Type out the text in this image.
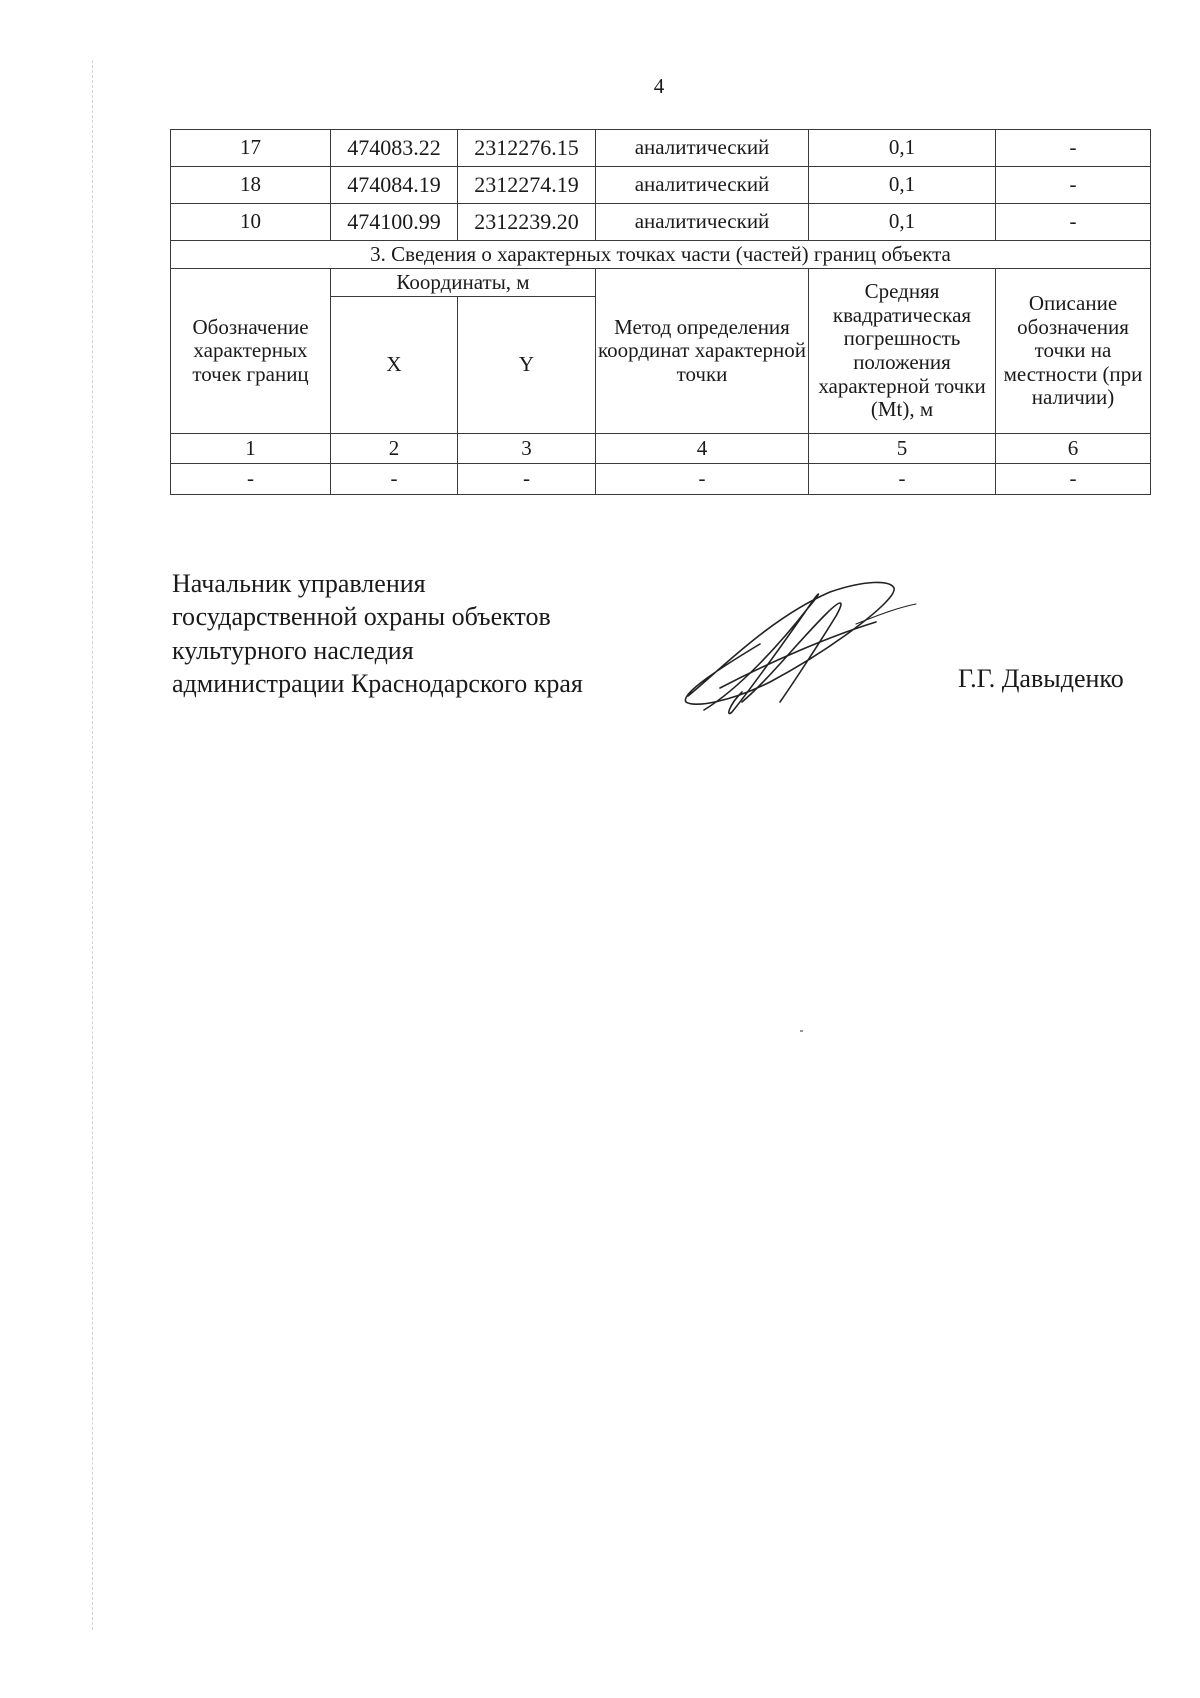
4
17	474083.22	2312276.15	аналитический	0,1	-
18	474084.19	2312274.19	аналитический	0,1	-
10	474100.99	2312239.20	аналитический	0,1	-
3. Сведения о характерных точках части (частей) границ объекта					
Обозначение характерных точек границ	Координаты, м		Метод определения координат характерной точки	Средняя квадратическая погрешность положения характерной точки (Mt), м	Описание обозначения точки на местности (при наличии)
	X	Y			
1	2	3	4	5	6
-	-	-	-	-	-
Начальник управления
государственной охраны объектов
культурного наследия
администрации Краснодарского края	Г.Г. Давыденко
